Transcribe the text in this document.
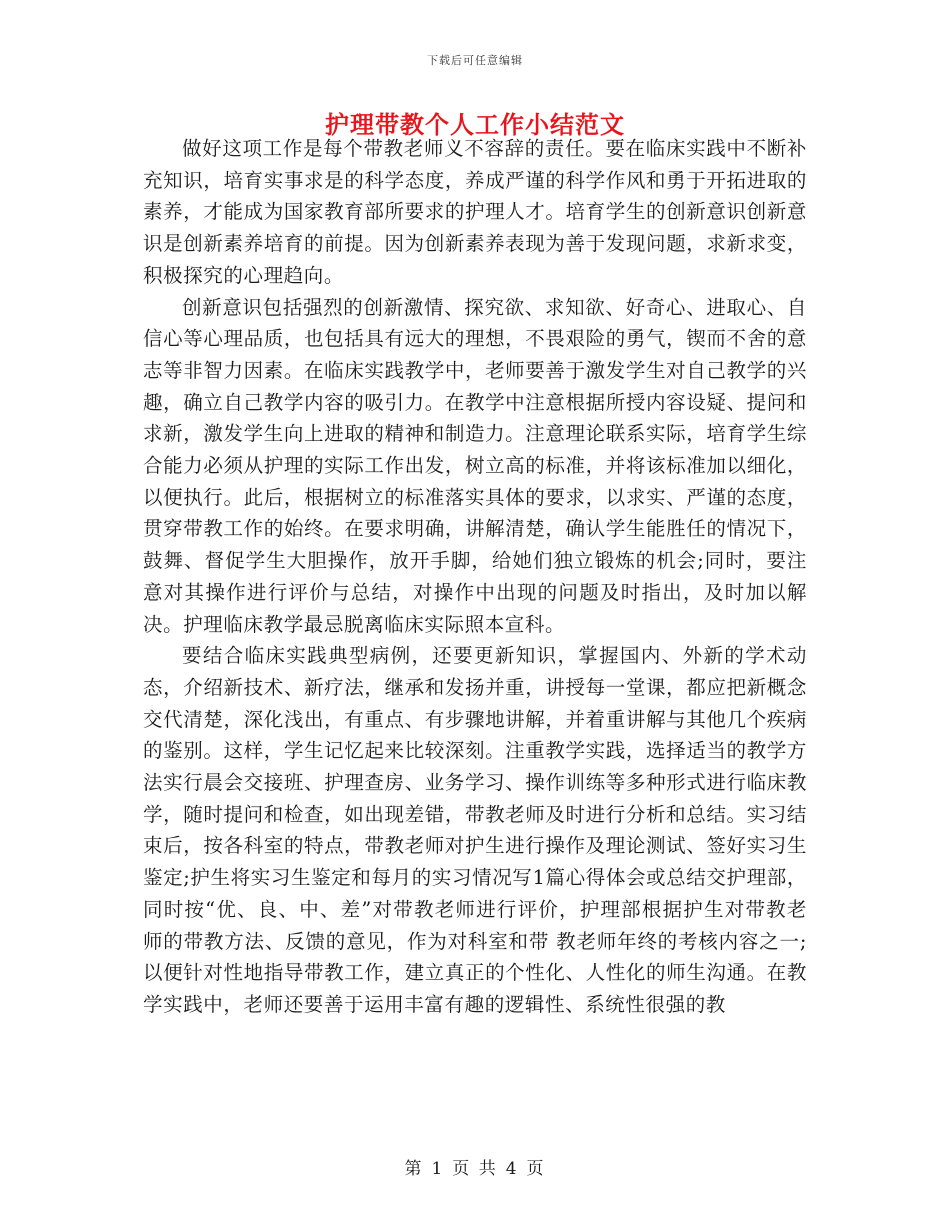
下载后可任意编辑
护理带教个人工作小结范文

做好这项工作是每个带教老师义不容辞的责任。要在临床实践中不断补充知识，培育实事求是的科学态度，养成严谨的科学作风和勇于开拓进取的素养，才能成为国家教育部所要求的护理人才。培育学生的创新意识创新意识是创新素养培育的前提。因为创新素养表现为善于发现问题，求新求变，积极探究的心理趋向。

创新意识包括强烈的创新激情、探究欲、求知欲、好奇心、进取心、自信心等心理品质，也包括具有远大的理想，不畏艰险的勇气，锲而不舍的意志等非智力因素。在临床实践教学中，老师要善于激发学生对自己教学的兴趣，确立自己教学内容的吸引力。在教学中注意根据所授内容设疑、提问和求新，激发学生向上进取的精神和制造力。注意理论联系实际，培育学生综合能力必须从护理的实际工作出发，树立高的标准，并将该标准加以细化，以便执行。此后，根据树立的标准落实具体的要求，以求实、严谨的态度，贯穿带教工作的始终。在要求明确，讲解清楚，确认学生能胜任的情况下，鼓舞、督促学生大胆操作，放开手脚，给她们独立锻炼的机会;同时，要注意对其操作进行评价与总结，对操作中出现的问题及时指出，及时加以解决。护理临床教学最忌脱离临床实际照本宣科。

要结合临床实践典型病例，还要更新知识，掌握国内、外新的学术动态，介绍新技术、新疗法，继承和发扬并重，讲授每一堂课，都应把新概念交代清楚，深化浅出，有重点、有步骤地讲解，并着重讲解与其他几个疾病的鉴别。这样，学生记忆起来比较深刻。注重教学实践，选择适当的教学方法实行晨会交接班、护理查房、业务学习、操作训练等多种形式进行临床教学，随时提问和检查，如出现差错，带教老师及时进行分析和总结。实习结束后，按各科室的特点，带教老师对护生进行操作及理论测试、签好实习生鉴定;护生将实习生鉴定和每月的实习情况写1篇心得体会或总结交护理部，同时按“优、良、中、差”对带教老师进行评价，护理部根据护生对带教老师的带教方法、反馈的意见，作为对科室和带 教老师年终的考核内容之一;以便针对性地指导带教工作，建立真正的个性化、人性化的师生沟通。在教学实践中，老师还要善于运用丰富有趣的逻辑性、系统性很强的教

第 1 页 共 4 页
